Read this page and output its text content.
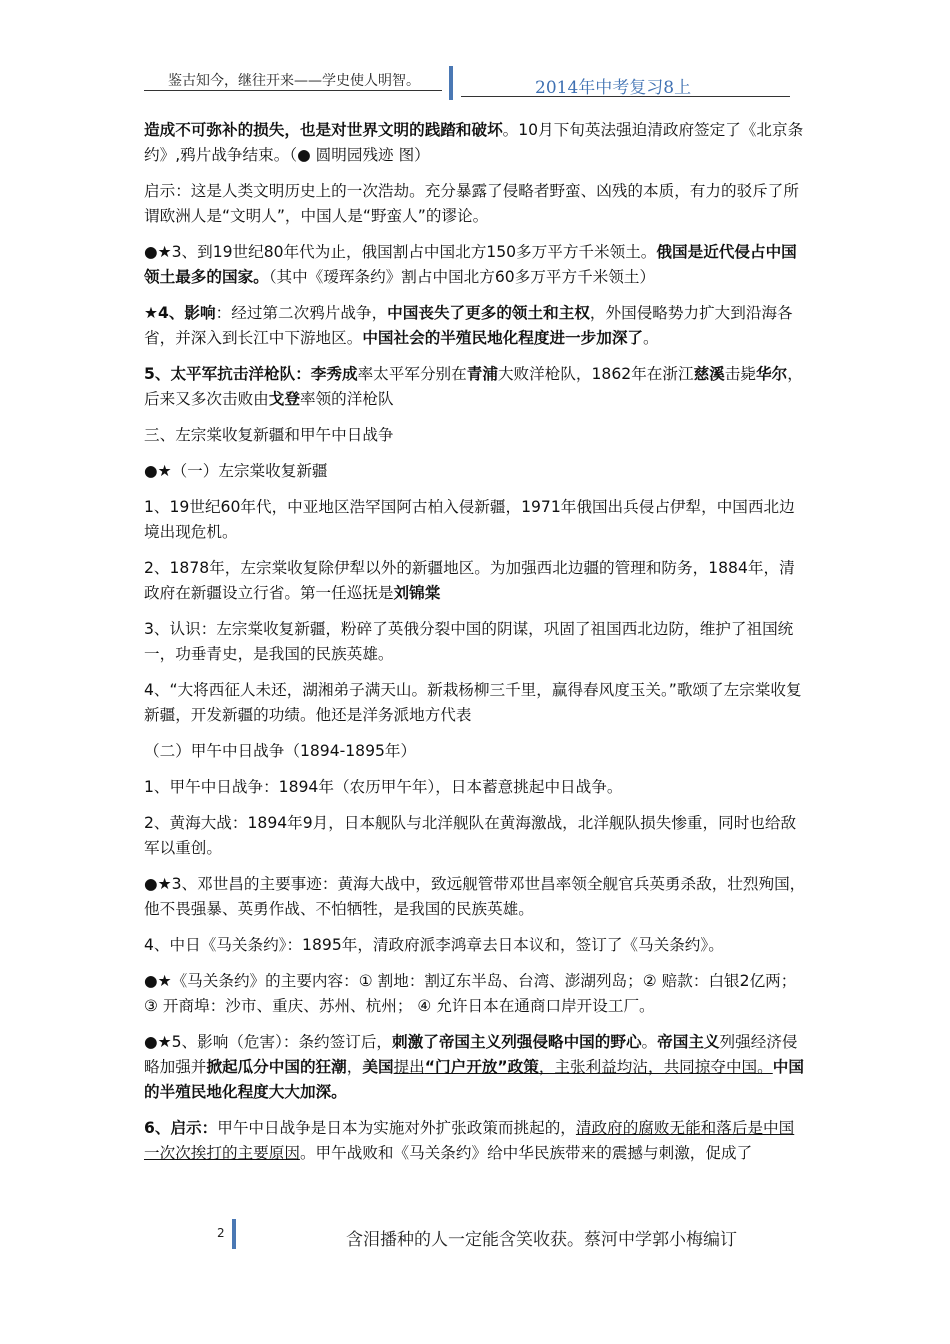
鉴古知今，继往开来——学史使人明智。	2014年中考复习8上

造成不可弥补的损失，也是对世界文明的践踏和破坏。10月下旬英法强迫清政府签定了《北京条约》,鸦片战争结束。（● 圆明园残迹 图）

启示：这是人类文明历史上的一次浩劫。充分暴露了侵略者野蛮、凶残的本质，有力的驳斥了所谓欧洲人是“文明人”，中国人是“野蛮人”的谬论。

●★3、到19世纪80年代为止，俄国割占中国北方150多万平方千米领土。俄国是近代侵占中国领土最多的国家。（其中《瑷珲条约》割占中国北方60多万平方千米领土）

★4、影响：经过第二次鸦片战争，中国丧失了更多的领土和主权，外国侵略势力扩大到沿海各省，并深入到长江中下游地区。中国社会的半殖民地化程度进一步加深了。

5、太平军抗击洋枪队：李秀成率太平军分别在青浦大败洋枪队，1862年在浙江慈溪击毙华尔，后来又多次击败由戈登率领的洋枪队

三、左宗棠收复新疆和甲午中日战争

●★（一）左宗棠收复新疆

1、19世纪60年代，中亚地区浩罕国阿古柏入侵新疆，1971年俄国出兵侵占伊犁，中国西北边境出现危机。

2、1878年，左宗棠收复除伊犁以外的新疆地区。为加强西北边疆的管理和防务，1884年，清政府在新疆设立行省。第一任巡抚是刘锦棠

3、认识：左宗棠收复新疆，粉碎了英俄分裂中国的阴谋，巩固了祖国西北边防，维护了祖国统一，功垂青史，是我国的民族英雄。

4、“大将西征人未还，湖湘弟子满天山。新栽杨柳三千里，赢得春风度玉关。”歌颂了左宗棠收复新疆，开发新疆的功绩。他还是洋务派地方代表

（二）甲午中日战争（1894-1895年）

1、甲午中日战争：1894年（农历甲午年），日本蓄意挑起中日战争。

2、黄海大战：1894年9月，日本舰队与北洋舰队在黄海激战，北洋舰队损失惨重，同时也给敌军以重创。

●★3、邓世昌的主要事迹：黄海大战中，致远舰管带邓世昌率领全舰官兵英勇杀敌，壮烈殉国，他不畏强暴、英勇作战、不怕牺牲，是我国的民族英雄。

4、中日《马关条约》：1895年，清政府派李鸿章去日本议和，签订了《马关条约》。

●★《马关条约》的主要内容：① 割地：割辽东半岛、台湾、澎湖列岛；② 赔款：白银2亿两；③ 开商埠：沙市、重庆、苏州、杭州； ④ 允许日本在通商口岸开设工厂。

●★5、影响（危害）：条约签订后，刺激了帝国主义列强侵略中国的野心。帝国主义列强经济侵略加强并掀起瓜分中国的狂潮，美国提出“门户开放”政策，主张利益均沾，共同掠夺中国。中国的半殖民地化程度大大加深。

6、启示：甲午中日战争是日本为实施对外扩张政策而挑起的，清政府的腐败无能和落后是中国一次次挨打的主要原因。甲午战败和《马关条约》给中华民族带来的震撼与刺激，促成了

2	含泪播种的人一定能含笑收获。蔡河中学郭小梅编订
